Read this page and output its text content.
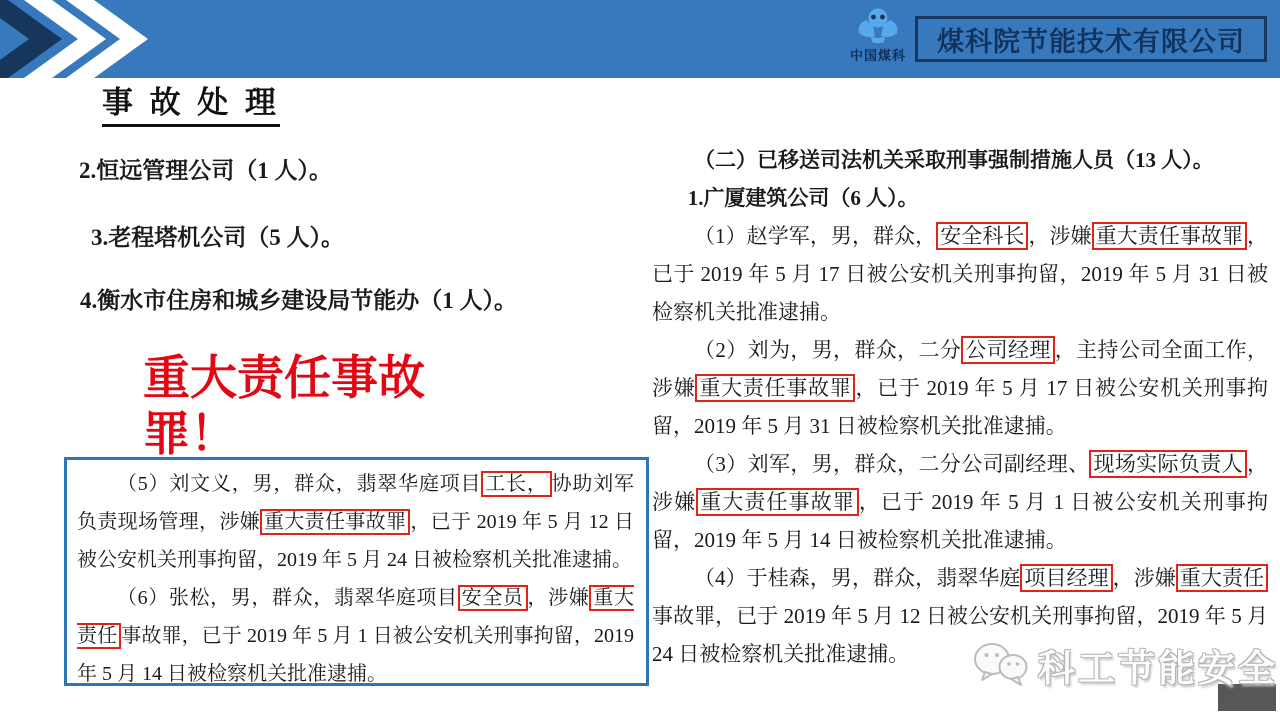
中国煤科 煤科院节能技术有限公司
事 故 处 理

2.恒远管理公司（1 人）。

3.老程塔机公司（5 人）。

4.衡水市住房和城乡建设局节能办（1 人）。

重大责任事故罪！

（5）刘文义，男，群众，翡翠华庭项目 工长， 协助刘军负责现场管理，涉嫌 重大责任事故罪 ，已于 2019 年 5 月 12 日被公安机关刑事拘留，2019 年 5 月 24 日被检察机关批准逮捕。

（6）张松，男，群众，翡翠华庭项目 安全员 ，涉嫌 重大责任 事故罪，已于 2019 年 5 月 1 日被公安机关刑事拘留，2019 年 5 月 14 日被检察机关批准逮捕。

（二）已移送司法机关采取刑事强制措施人员（13 人）。

1.广厦建筑公司（6 人）。

（1）赵学军，男，群众， 安全科长 ，涉嫌 重大责任事故罪 ，已于 2019 年 5 月 17 日被公安机关刑事拘留，2019 年 5 月 31 日被检察机关批准逮捕。

（2）刘为，男，群众，二分 公司经理 ，主持公司全面工作，涉嫌 重大责任事故罪 ，已于 2019 年 5 月 17 日被公安机关刑事拘留，2019 年 5 月 31 日被检察机关批准逮捕。

（3）刘军，男，群众，二分公司副经理、 现场实际负责人 ，涉嫌 重大责任事故罪 ，已于 2019 年 5 月 1 日被公安机关刑事拘留，2019 年 5 月 14 日被检察机关批准逮捕。

（4）于桂森，男，群众，翡翠华庭 项目经理 ，涉嫌 重大责任事故罪，已于 2019 年 5 月 12 日被公安机关刑事拘留，2019 年 5 月 24 日被检察机关批准逮捕。	科工节能安全
